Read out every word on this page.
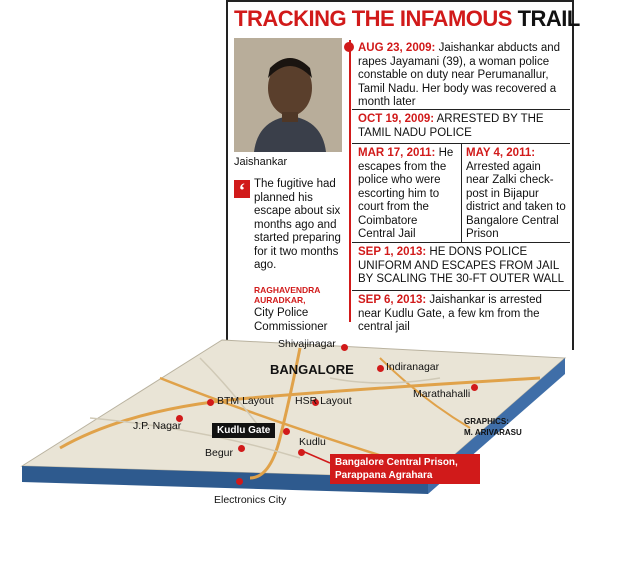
TRACKING THE INFAMOUS TRAIL
Jaishankar
‘ The fugitive had planned his escape about six months ago and started preparing for it two months ago.
RAGHAVENDRA AURADKAR,
City Police Commissioner
AUG 23, 2009: Jaishankar abducts and rapes Jayamani (39), a woman police constable on duty near Perumanallur, Tamil Nadu. Her body was recovered a month later
OCT 19, 2009: ARRESTED BY THE TAMIL NADU POLICE
MAR 17, 2011: He escapes from the police who were escorting him to court from the Coimbatore Central Jail
MAY 4, 2011: Arrested again near Zalki check-post in Bijapur district and taken to Bangalore Central Prison
SEP 1, 2013: HE DONS POLICE UNIFORM AND ESCAPES FROM JAIL BY SCALING THE 30-FT OUTER WALL
SEP 6, 2013: Jaishankar is arrested near Kudlu Gate, a few km from the central jail
Shivajinagar
BANGALORE	Indiranagar
Marathahalli
BTM Layout HSR Layout
J.P. Nagar	Kudlu Gate
Kudlu
Begur
Bangalore Central Prison, Parappana Agrahara
Electronics City
GRAPHICS:
M. ARIVARASU
